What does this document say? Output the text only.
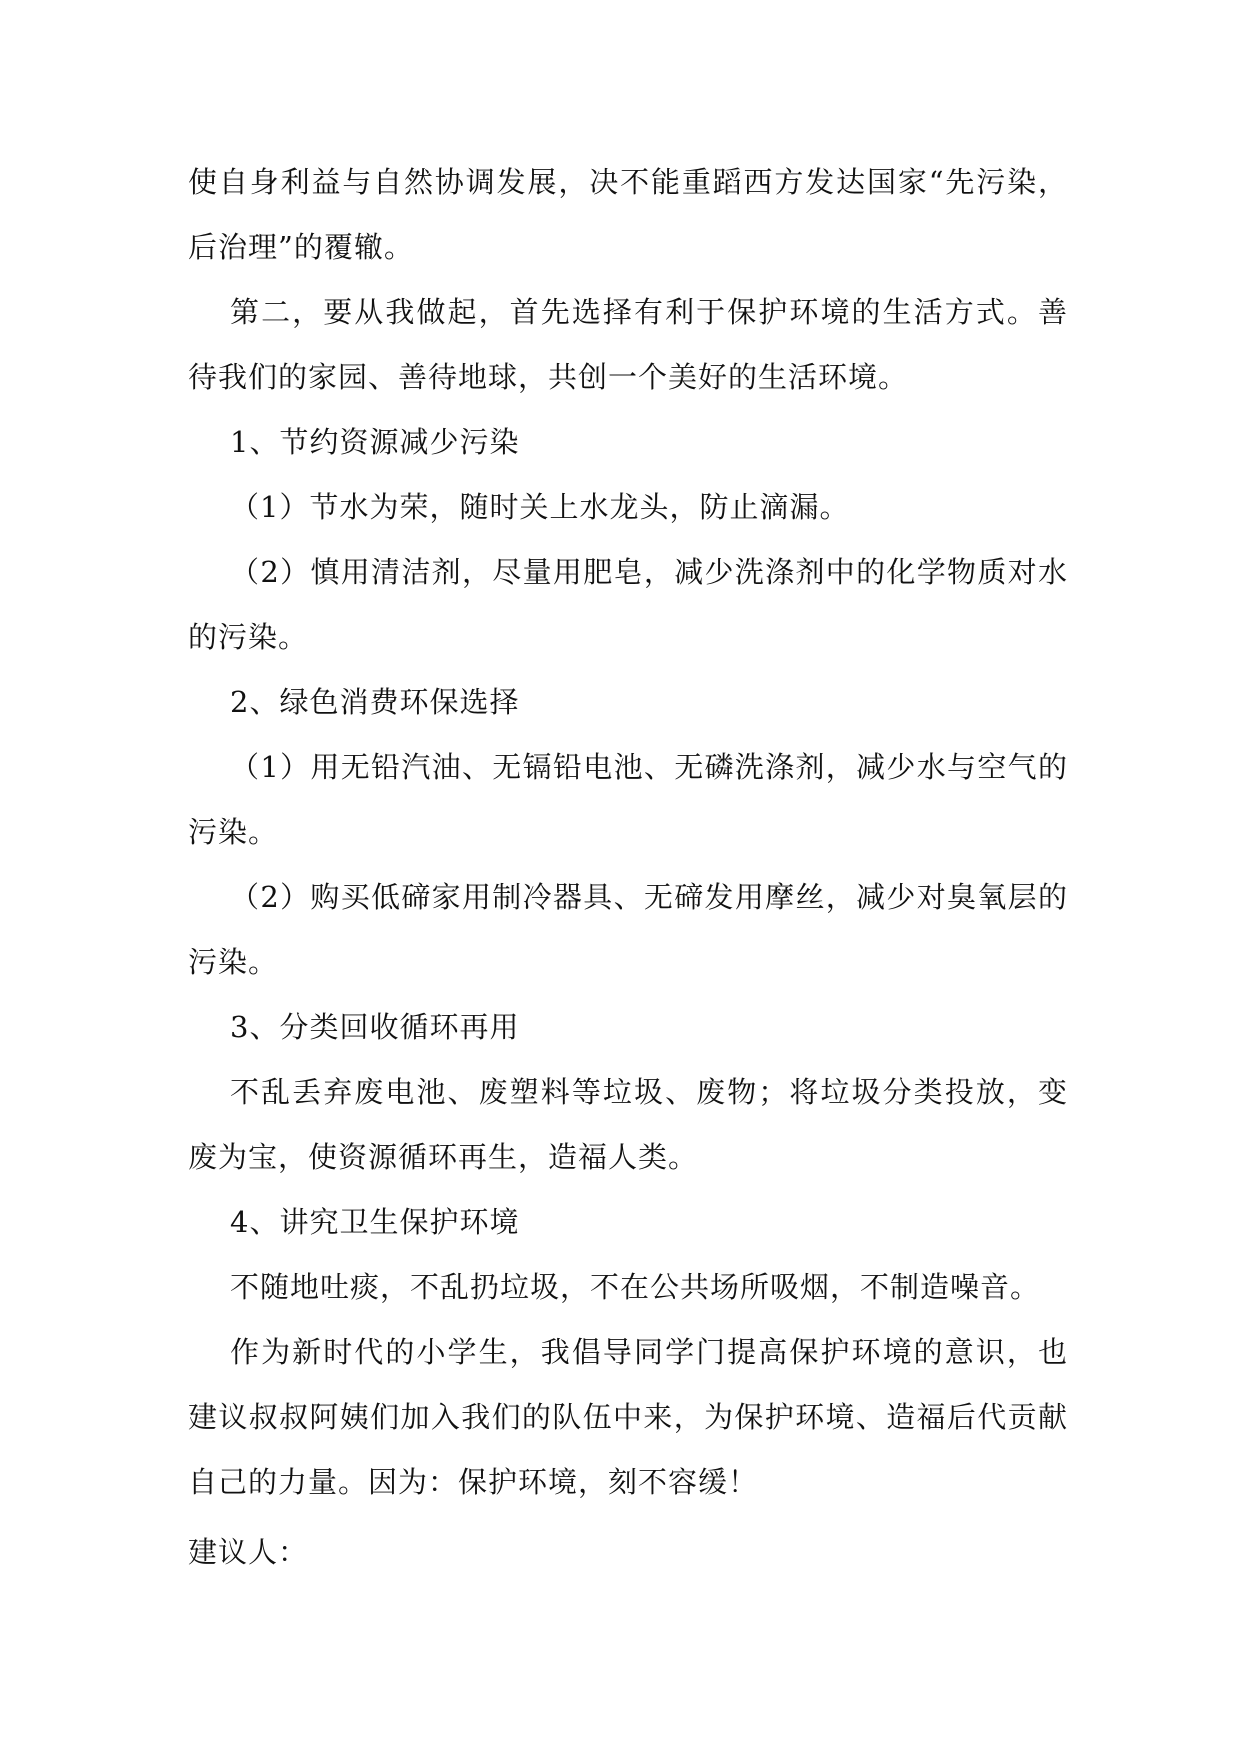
使自身利益与自然协调发展，决不能重蹈西方发达国家“先污染，后治理”的覆辙。

第二，要从我做起，首先选择有利于保护环境的生活方式。善待我们的家园、善待地球，共创一个美好的生活环境。

1、节约资源减少污染

（1）节水为荣，随时关上水龙头，防止滴漏。

（2）慎用清洁剂，尽量用肥皂，减少洗涤剂中的化学物质对水的污染。

2、绿色消费环保选择

（1）用无铅汽油、无镉铅电池、无磷洗涤剂，减少水与空气的污染。

（2）购买低碲家用制冷器具、无碲发用摩丝，减少对臭氧层的污染。

3、分类回收循环再用

不乱丢弃废电池、废塑料等垃圾、废物；将垃圾分类投放，变废为宝，使资源循环再生，造福人类。

4、讲究卫生保护环境

不随地吐痰，不乱扔垃圾，不在公共场所吸烟，不制造噪音。

作为新时代的小学生，我倡导同学门提高保护环境的意识，也建议叔叔阿姨们加入我们的队伍中来，为保护环境、造福后代贡献自己的力量。因为：保护环境，刻不容缓！

建议人：
